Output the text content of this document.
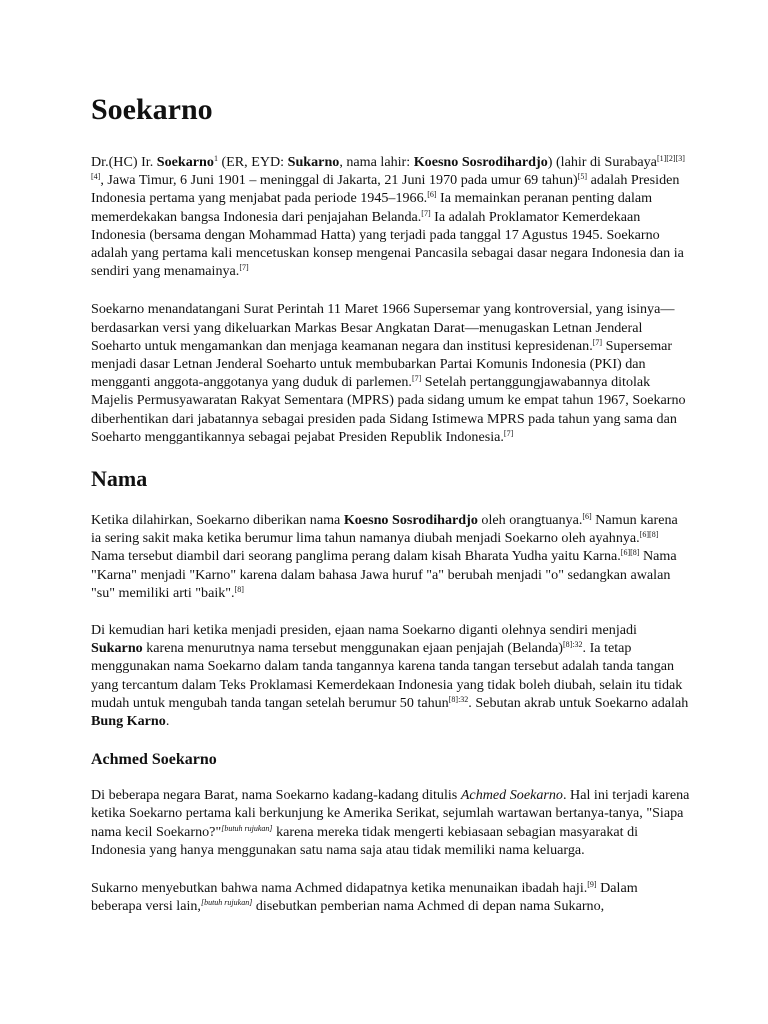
Soekarno

Dr.(HC) Ir. Soekarno$^1$ (ER, EYD: Sukarno, nama lahir: Koesno Sosrodihardjo) (lahir di Surabaya[1][2][3][4], Jawa Timur, 6 Juni 1901 – meninggal di Jakarta, 21 Juni 1970 pada umur 69 tahun)[5] adalah Presiden Indonesia pertama yang menjabat pada periode 1945–1966.[6] Ia memainkan peranan penting dalam memerdekakan bangsa Indonesia dari penjajahan Belanda.[7] Ia adalah Proklamator Kemerdekaan Indonesia (bersama dengan Mohammad Hatta) yang terjadi pada tanggal 17 Agustus 1945. Soekarno adalah yang pertama kali mencetuskan konsep mengenai Pancasila sebagai dasar negara Indonesia dan ia sendiri yang menamainya.[7]

Soekarno menandatangani Surat Perintah 11 Maret 1966 Supersemar yang kontroversial, yang isinya—berdasarkan versi yang dikeluarkan Markas Besar Angkatan Darat—menugaskan Letnan Jenderal Soeharto untuk mengamankan dan menjaga keamanan negara dan institusi kepresidenan.[7] Supersemar menjadi dasar Letnan Jenderal Soeharto untuk membubarkan Partai Komunis Indonesia (PKI) dan mengganti anggota-anggotanya yang duduk di parlemen.[7] Setelah pertanggungjawabannya ditolak Majelis Permusyawaratan Rakyat Sementara (MPRS) pada sidang umum ke empat tahun 1967, Soekarno diberhentikan dari jabatannya sebagai presiden pada Sidang Istimewa MPRS pada tahun yang sama dan Soeharto menggantikannya sebagai pejabat Presiden Republik Indonesia.[7]

Nama

Ketika dilahirkan, Soekarno diberikan nama Koesno Sosrodihardjo oleh orangtuanya.[6] Namun karena ia sering sakit maka ketika berumur lima tahun namanya diubah menjadi Soekarno oleh ayahnya.[6][8] Nama tersebut diambil dari seorang panglima perang dalam kisah Bharata Yudha yaitu Karna.[6][8] Nama "Karna" menjadi "Karno" karena dalam bahasa Jawa huruf "a" berubah menjadi "o" sedangkan awalan "su" memiliki arti "baik".[8]

Di kemudian hari ketika menjadi presiden, ejaan nama Soekarno diganti olehnya sendiri menjadi Sukarno karena menurutnya nama tersebut menggunakan ejaan penjajah (Belanda)$^{[8]:32}$. Ia tetap menggunakan nama Soekarno dalam tanda tangannya karena tanda tangan tersebut adalah tanda tangan yang tercantum dalam Teks Proklamasi Kemerdekaan Indonesia yang tidak boleh diubah, selain itu tidak mudah untuk mengubah tanda tangan setelah berumur 50 tahun$^{[8]:32}$. Sebutan akrab untuk Soekarno adalah Bung Karno.

Achmed Soekarno

Di beberapa negara Barat, nama Soekarno kadang-kadang ditulis Achmed Soekarno. Hal ini terjadi karena ketika Soekarno pertama kali berkunjung ke Amerika Serikat, sejumlah wartawan bertanya-tanya, "Siapa nama kecil Soekarno?"[butuh rujukan] karena mereka tidak mengerti kebiasaan sebagian masyarakat di Indonesia yang hanya menggunakan satu nama saja atau tidak memiliki nama keluarga.

Sukarno menyebutkan bahwa nama Achmed didapatnya ketika menunaikan ibadah haji.[9] Dalam beberapa versi lain,[butuh rujukan] disebutkan pemberian nama Achmed di depan nama Sukarno,
